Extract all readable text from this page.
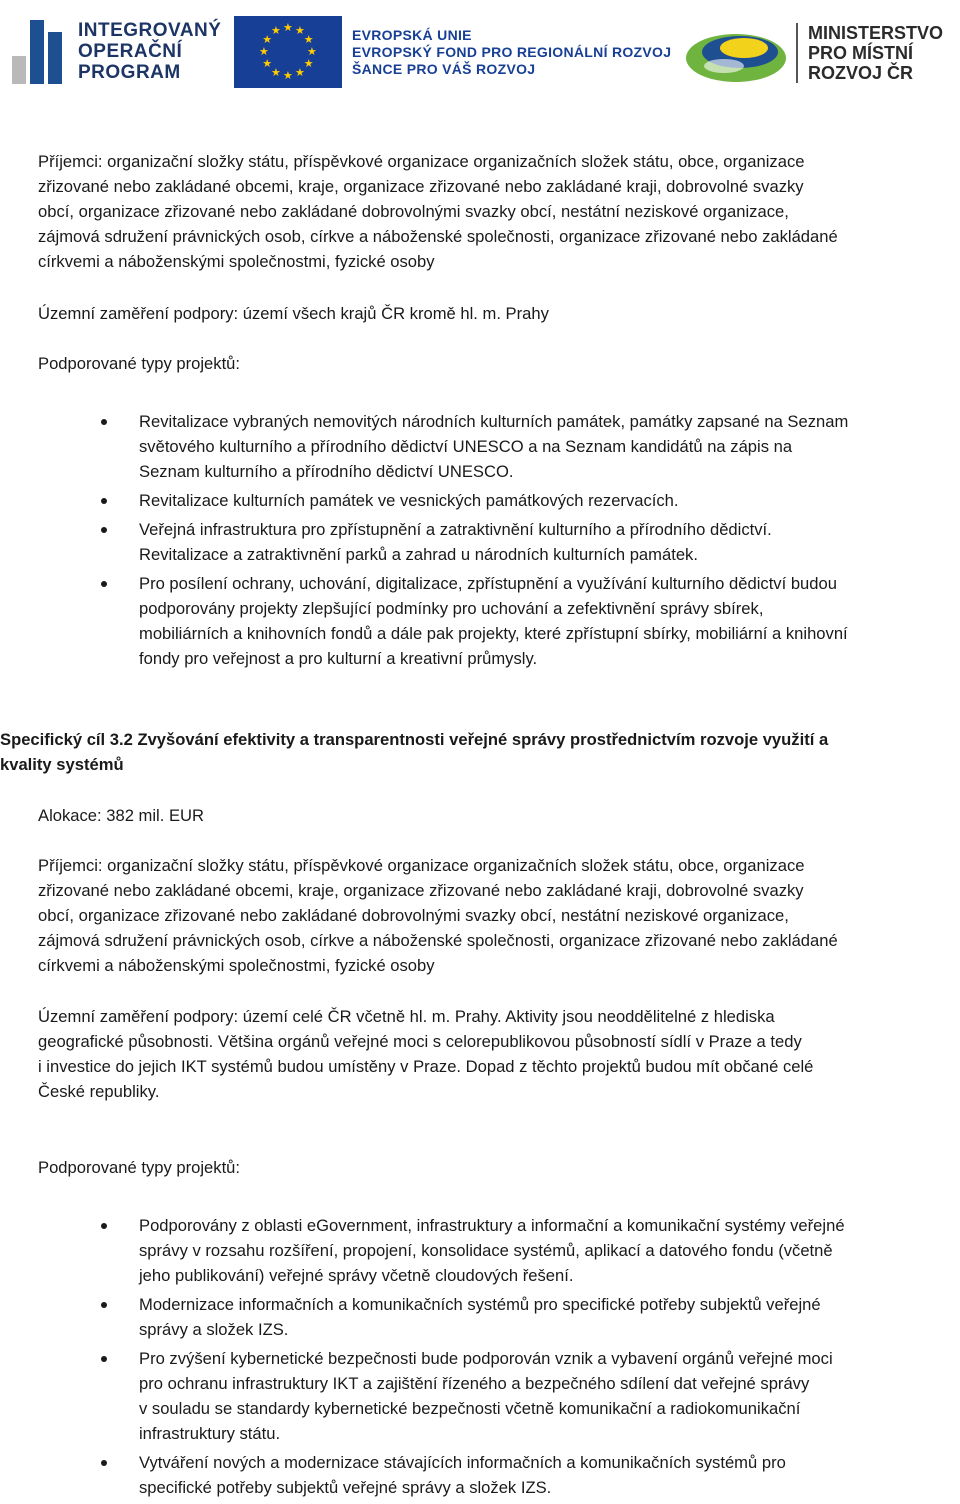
INTEGROVANÝ
OPERAČNÍ
PROGRAM
★ ★
★
★
★
★
★
★
★
★
★
★	EVROPSKÁ UNIE
EVROPSKÝ FOND PRO REGIONÁLNÍ ROZVOJ
ŠANCE PRO VÁŠ ROZVOJ
MINISTERSTVO
PRO MÍSTNÍ
ROZVOJ ČR

Příjemci: organizační složky státu, příspěvkové organizace organizačních složek státu, obce, organizace
zřizované nebo zakládané obcemi, kraje, organizace zřizované nebo zakládané kraji, dobrovolné svazky
obcí, organizace zřizované nebo zakládané dobrovolnými svazky obcí, nestátní neziskové organizace,
zájmová sdružení právnických osob, církve a náboženské společnosti, organizace zřizované nebo zakládané
církvemi a náboženskými společnostmi, fyzické osoby

Územní zaměření podpory: území všech krajů ČR kromě hl. m. Prahy

Podporované typy projektů:

Revitalizace vybraných nemovitých národních kulturních památek, památky zapsané na Seznam
světového kulturního a přírodního dědictví UNESCO a na Seznam kandidátů na zápis na
Seznam kulturního a přírodního dědictví UNESCO.
Revitalizace kulturních památek ve vesnických památkových rezervacích.
Veřejná infrastruktura pro zpřístupnění a zatraktivnění kulturního a přírodního dědictví.
Revitalizace a zatraktivnění parků a zahrad u národních kulturních památek.
Pro posílení ochrany, uchování, digitalizace, zpřístupnění a využívání kulturního dědictví budou
podporovány projekty zlepšující podmínky pro uchování a zefektivnění správy sbírek,
mobiliárních a knihovních fondů a dále pak projekty, které zpřístupní sbírky, mobiliární a knihovní
fondy pro veřejnost a pro kulturní a kreativní průmysly.
Specifický cíl 3.2 Zvyšování efektivity a transparentnosti veřejné správy prostřednictvím rozvoje využití a
kvality systémů

Alokace: 382 mil. EUR

Příjemci: organizační složky státu, příspěvkové organizace organizačních složek státu, obce, organizace
zřizované nebo zakládané obcemi, kraje, organizace zřizované nebo zakládané kraji, dobrovolné svazky
obcí, organizace zřizované nebo zakládané dobrovolnými svazky obcí, nestátní neziskové organizace,
zájmová sdružení právnických osob, církve a náboženské společnosti, organizace zřizované nebo zakládané
církvemi a náboženskými společnostmi, fyzické osoby

Územní zaměření podpory: území celé ČR včetně hl. m. Prahy. Aktivity jsou neoddělitelné z hlediska
geografické působnosti. Většina orgánů veřejné moci s celorepublikovou působností sídlí v Praze a tedy
i investice do jejich IKT systémů budou umístěny v Praze. Dopad z těchto projektů budou mít občané celé
České republiky.

Podporované typy projektů:

Podporovány z oblasti eGovernment, infrastruktury a informační a komunikační systémy veřejné
správy v rozsahu rozšíření, propojení, konsolidace systémů, aplikací a datového fondu (včetně
jeho publikování) veřejné správy včetně cloudových řešení.
Modernizace informačních a komunikačních systémů pro specifické potřeby subjektů veřejné
správy a složek IZS.
Pro zvýšení kybernetické bezpečnosti bude podporován vznik a vybavení orgánů veřejné moci
pro ochranu infrastruktury IKT a zajištění řízeného a bezpečného sdílení dat veřejné správy
v souladu se standardy kybernetické bezpečnosti včetně komunikační a radiokomunikační
infrastruktury státu.
Vytváření nových a modernizace stávajících informačních a komunikačních systémů pro
specifické potřeby subjektů veřejné správy a složek IZS.
